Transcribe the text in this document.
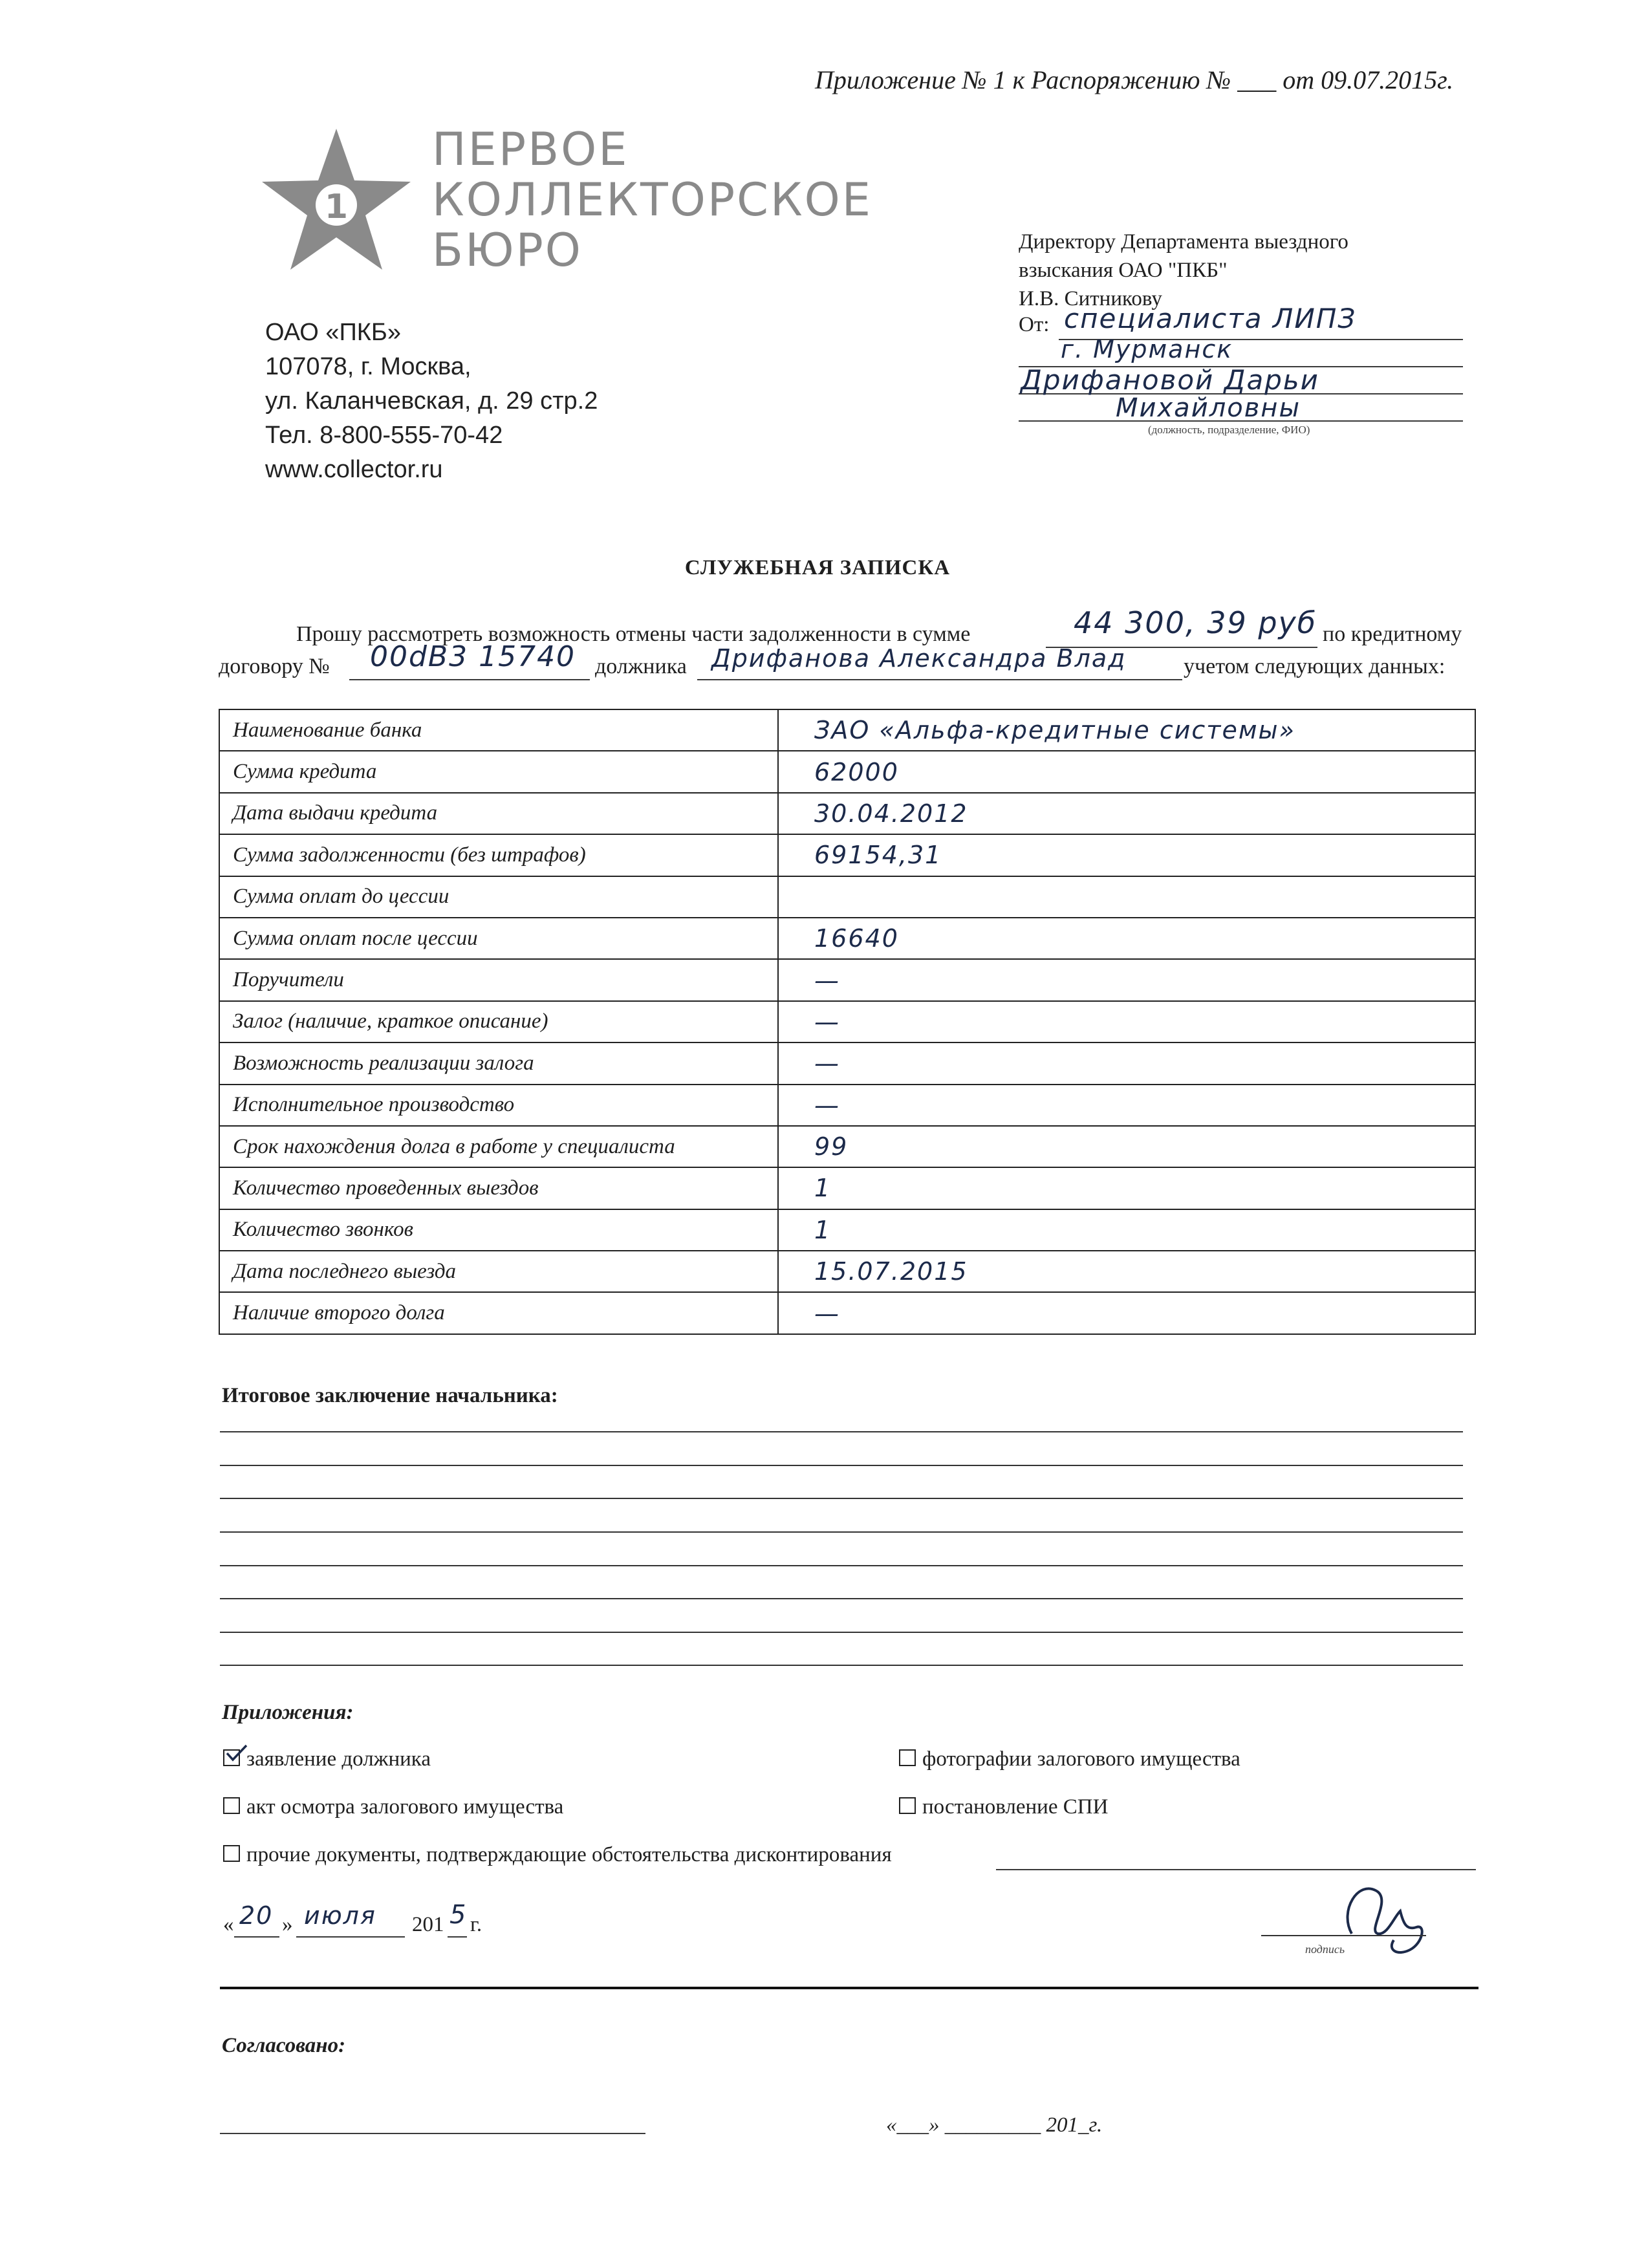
Приложение № 1 к Распоряжению № ___ от 09.07.2015г.
1
ПЕРВОЕ
КОЛЛЕКТОРСКОЕ
БЮРО
ОАО «ПКБ»
107078, г. Москва,
ул. Каланчевская, д. 29 стр.2
Тел. 8-800-555-70-42
www.collector.ru
Директору Департамента выездного
взыскания ОАО "ПКБ"
И.В. Ситникову
От: специалиста ЛИПЗ
г. Мурманск
Дрифановой Дарьи
Михайловны
(должность, подразделение, ФИО)
СЛУЖЕБНАЯ ЗАПИСКА
Прошу рассмотреть возможность отмены части задолженности в сумме	44 300, 39 руб по кредитному
договору № 00dB3 15740 должника Дрифанова Александра Влад	учетом следующих данных:
Наименование банка	ЗАО «Альфа-кредитные системы»
Сумма кредита	62000
Дата выдачи кредита	30.04.2012
Сумма задолженности (без штрафов)	69154,31
Сумма оплат до цессии	
Сумма оплат после цессии	16640
Поручители	—
Залог (наличие, краткое описание)	—
Возможность реализации залога	—
Исполнительное производство	—
Срок нахождения долга в работе у специалиста	99
Количество проведенных выездов	1
Количество звонков	1
Дата последнего выезда	15.07.2015
Наличие второго долга	—
Итоговое заключение начальника:
Приложения:
заявление должника	фотографии залогового имущества
акт осмотра залогового имущества	постановление СПИ
прочие документы, подтверждающие обстоятельства дисконтирования
« 20 » июля 201 5 г.
подпись
Согласовано:
«___» _________ 201_г.
